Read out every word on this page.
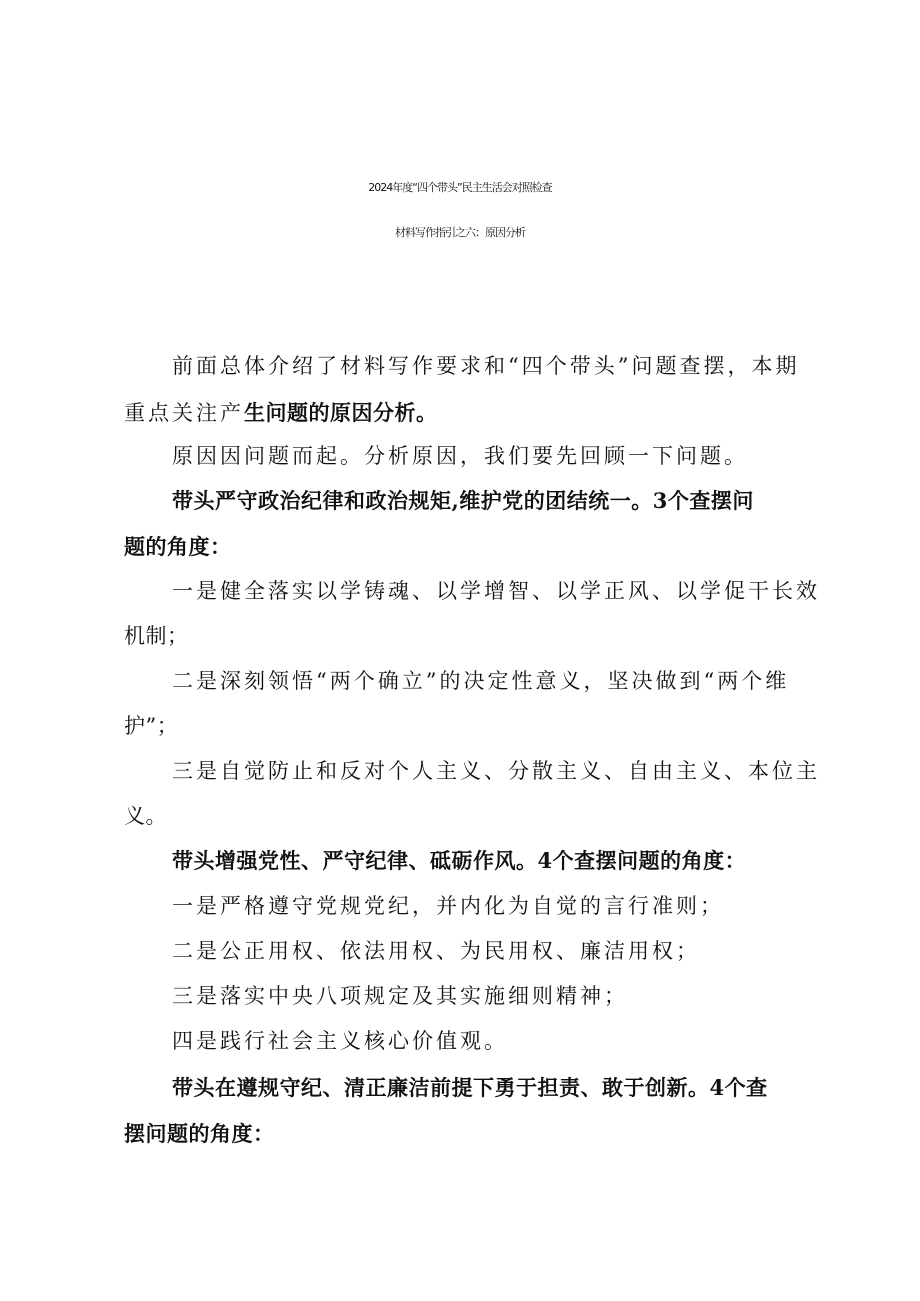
2024年度“四个带头”民主生活会对照检查
材料写作指引之六：原因分析
前面总体介绍了材料写作要求和“四个带头”问题查摆，本期
重点关注产生问题的原因分析。
原因因问题而起。分析原因，我们要先回顾一下问题。
带头严守政治纪律和政治规矩,维护党的团结统一。3个查摆问
题的角度：
一是健全落实以学铸魂、以学增智、以学正风、以学促干长效
机制；
二是深刻领悟“两个确立”的决定性意义，坚决做到“两个维
护”；
三是自觉防止和反对个人主义、分散主义、自由主义、本位主
义。
带头增强党性、严守纪律、砥砺作风。4个查摆问题的角度：
一是严格遵守党规党纪，并内化为自觉的言行准则；
二是公正用权、依法用权、为民用权、廉洁用权；
三是落实中央八项规定及其实施细则精神；
四是践行社会主义核心价值观。
带头在遵规守纪、清正廉洁前提下勇于担责、敢于创新。4个查
摆问题的角度：
